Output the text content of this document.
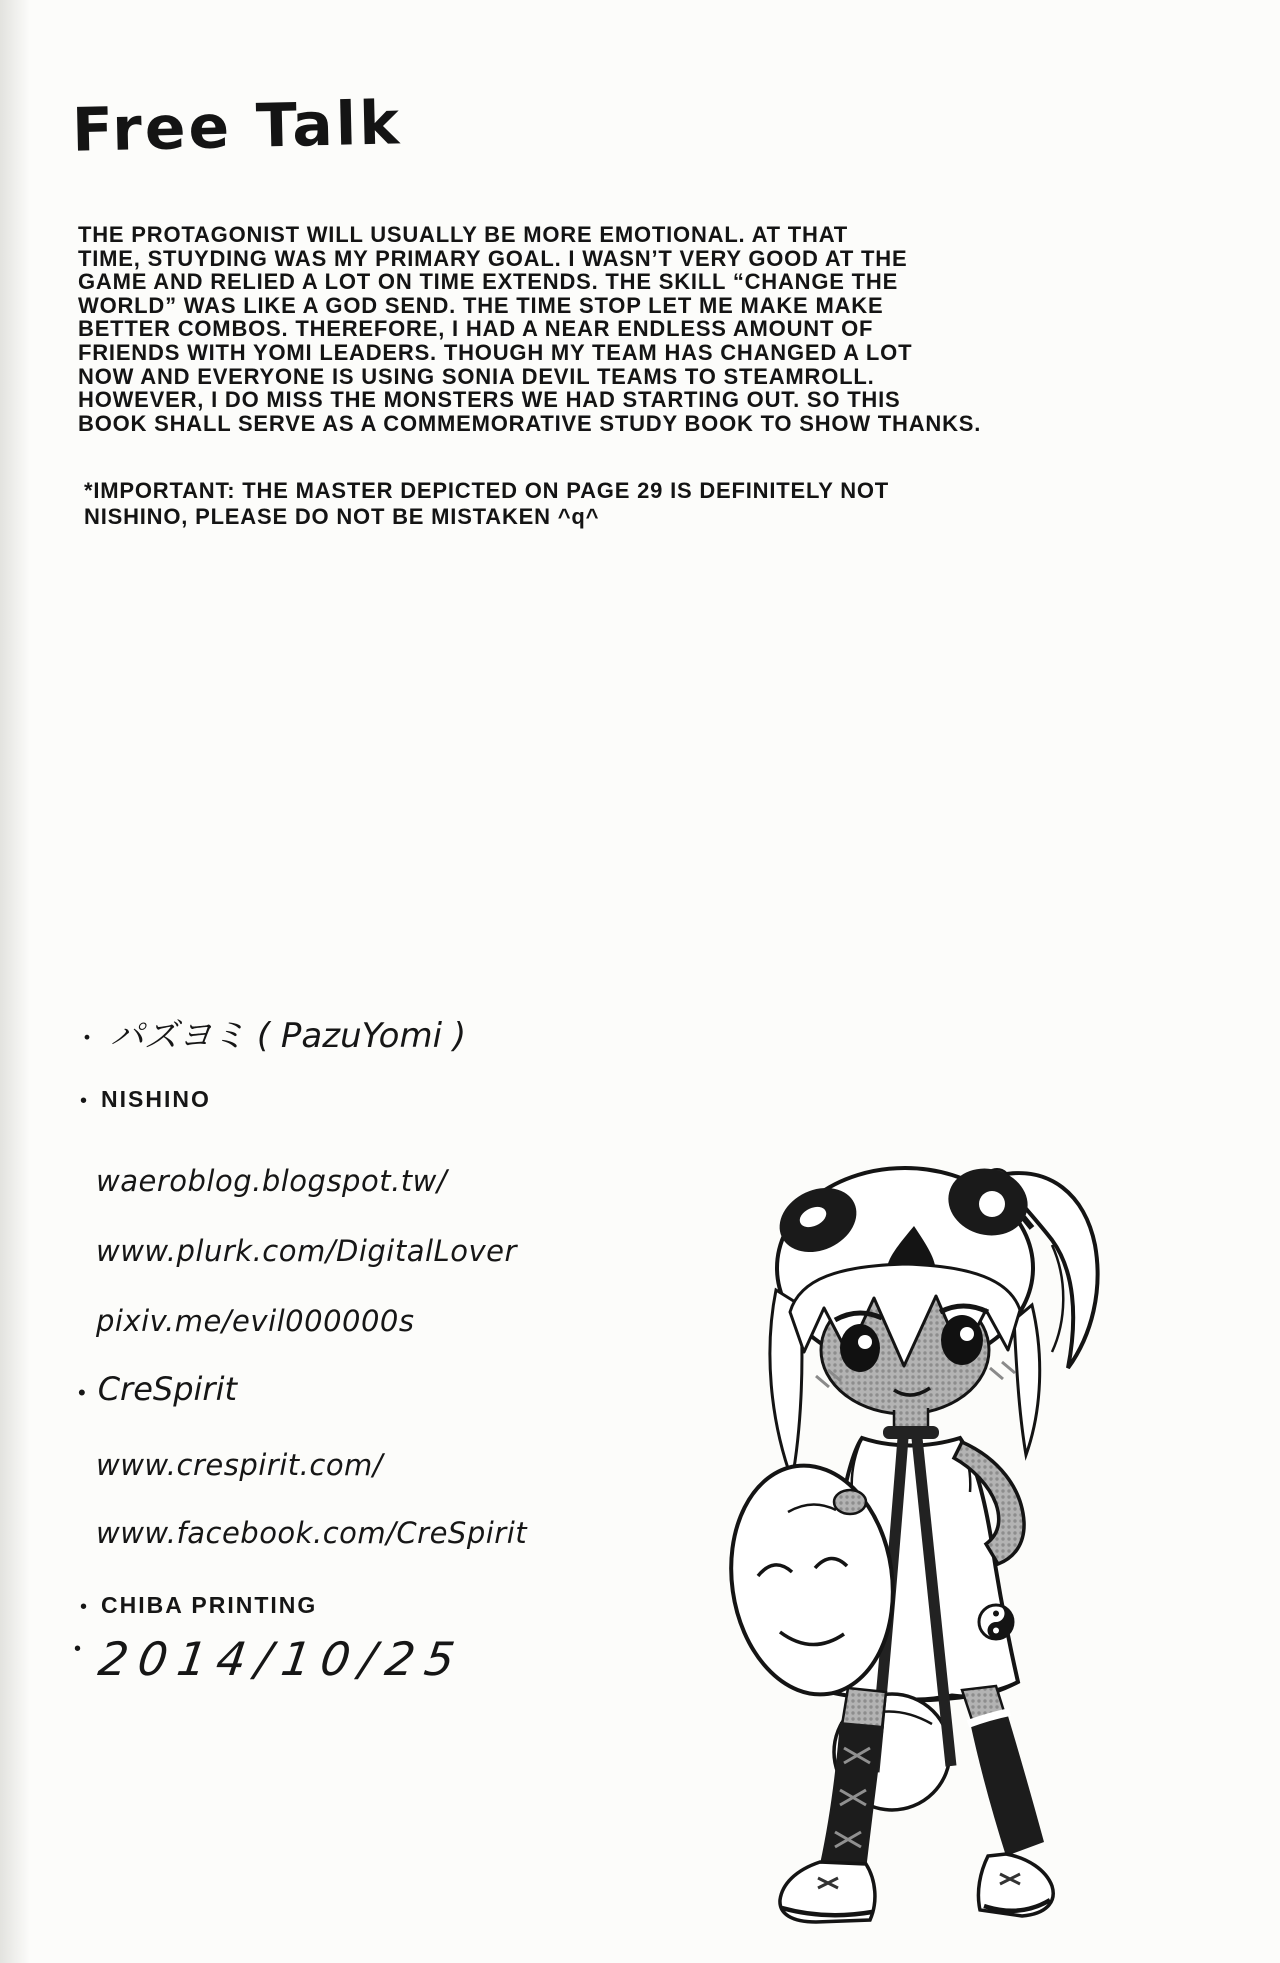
Free Talk
THE PROTAGONIST WILL USUALLY BE MORE EMOTIONAL. AT THAT
TIME, STUYDING WAS MY PRIMARY GOAL. I WASN’T VERY GOOD AT THE
GAME AND RELIED A LOT ON TIME EXTENDS. THE SKILL “CHANGE THE
WORLD” WAS LIKE A GOD SEND. THE TIME STOP LET ME MAKE MAKE
BETTER COMBOS. THEREFORE, I HAD A NEAR ENDLESS AMOUNT OF
FRIENDS WITH YOMI LEADERS. THOUGH MY TEAM HAS CHANGED A LOT
NOW AND EVERYONE IS USING SONIA DEVIL TEAMS TO STEAMROLL.
HOWEVER, I DO MISS THE MONSTERS WE HAD STARTING OUT. SO THIS
BOOK SHALL SERVE AS A COMMEMORATIVE STUDY BOOK TO SHOW THANKS.
*IMPORTANT: THE MASTER DEPICTED ON PAGE 29 IS DEFINITELY NOT
NISHINO, PLEASE DO NOT BE MISTAKEN ^q^
・ パズヨミ ( PazuYomi )
• NISHINO
waeroblog.blogspot.tw/
www.plurk.com/DigitalLover
pixiv.me/evil000000s
• CreSpirit
www.crespirit.com/
www.facebook.com/CreSpirit
• CHIBA PRINTING
• 2014/10/25
